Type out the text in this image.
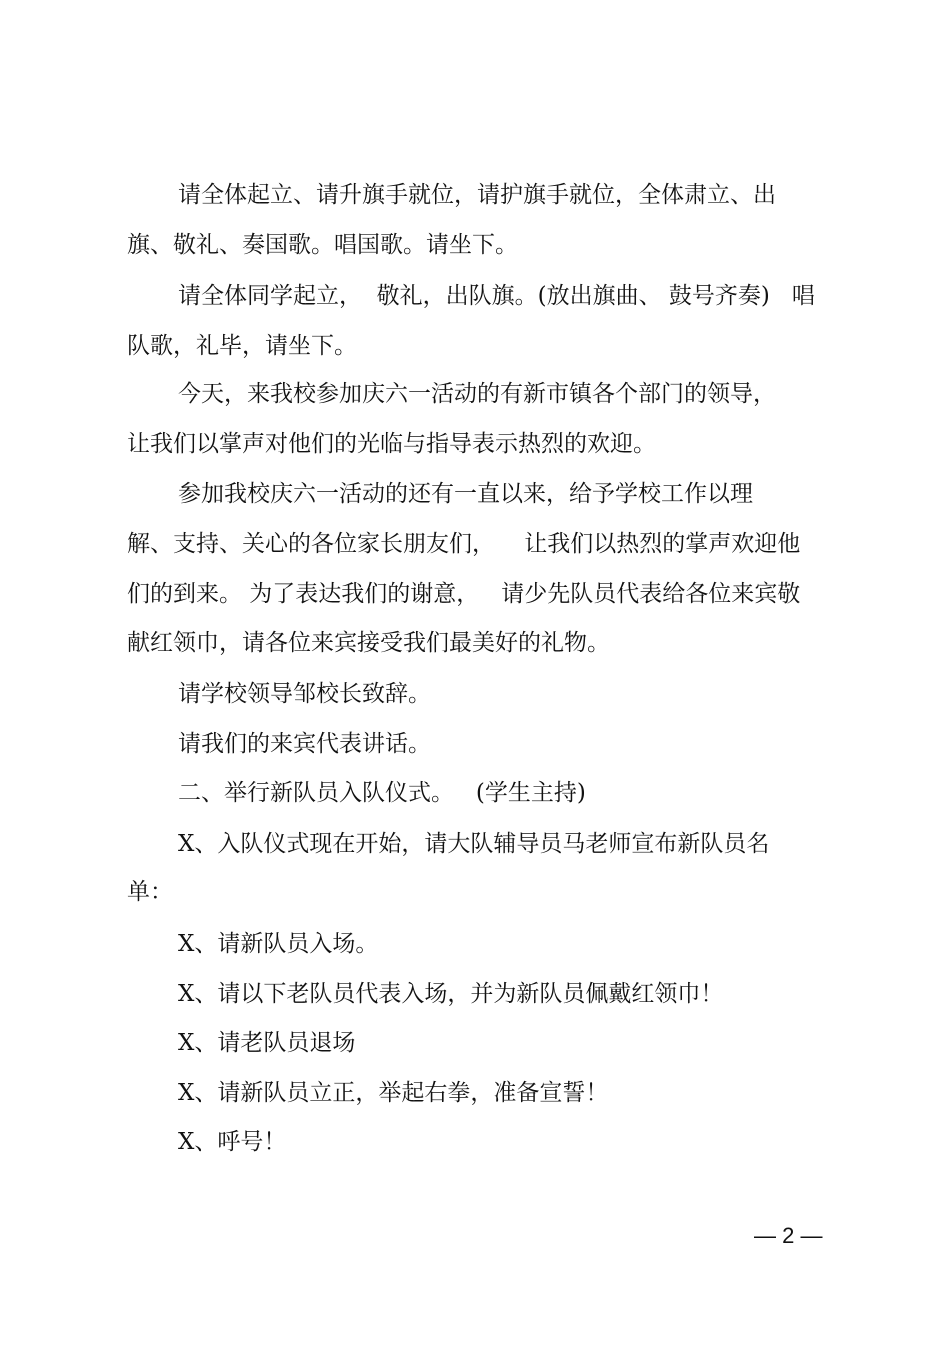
请全体起立、请升旗手就位，请护旗手就位，全体肃立、出

旗、敬礼、奏国歌。唱国歌。请坐下。

请全体同学起立，  敬礼，出队旗。(放出旗曲、 鼓号齐奏)   唱

队歌，礼毕，请坐下。

今天，来我校参加庆六一活动的有新市镇各个部门的领导，

让我们以掌声对他们的光临与指导表示热烈的欢迎。

参加我校庆六一活动的还有一直以来，给予学校工作以理

解、支持、关心的各位家长朋友们，    让我们以热烈的掌声欢迎他

们的到来。 为了表达我们的谢意，   请少先队员代表给各位来宾敬

献红领巾，请各位来宾接受我们最美好的礼物。

请学校领导邹校长致辞。

请我们的来宾代表讲话。

二、举行新队员入队仪式。   (学生主持)

X、入队仪式现在开始，请大队辅导员马老师宣布新队员名

单：

X、请新队员入场。

X、请以下老队员代表入场，并为新队员佩戴红领巾！

X、请老队员退场

X、请新队员立正，举起右拳，准备宣誓！

X、呼号！

— 2 —
